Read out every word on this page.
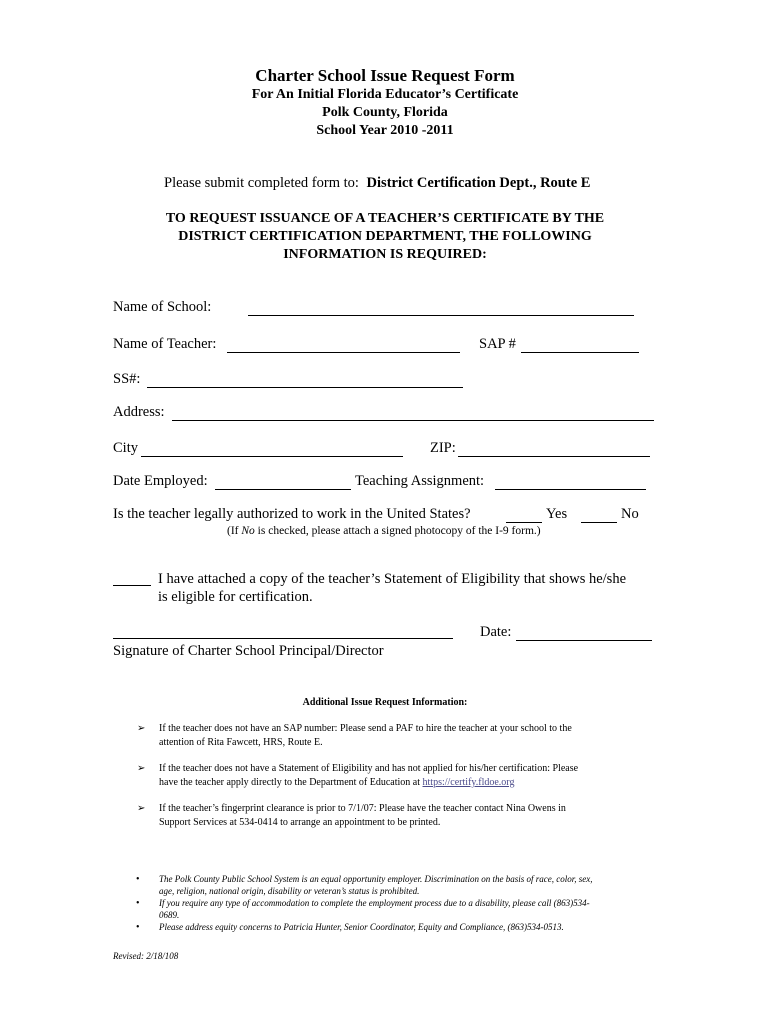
Charter School Issue Request Form
For An Initial Florida Educator’s Certificate
Polk County, Florida
School Year 2010 -2011
Please submit completed form to: District Certification Dept., Route E
TO REQUEST ISSUANCE OF A TEACHER’S CERTIFICATE BY THE
DISTRICT CERTIFICATION DEPARTMENT, THE FOLLOWING
INFORMATION IS REQUIRED:
Name of School:
Name of Teacher:	SAP #
SS#:
Address:
City	ZIP:
Date Employed:	Teaching Assignment:
Is the teacher legally authorized to work in the United States?	Yes	No
(If No is checked, please attach a signed photocopy of the I-9 form.)
I have attached a copy of the teacher’s Statement of Eligibility that shows he/she
is eligible for certification.
Date:
Signature of Charter School Principal/Director
Additional Issue Request Information:
➢ If the teacher does not have an SAP number: Please send a PAF to hire the teacher at your school to the
attention of Rita Fawcett, HRS, Route E.
➢ If the teacher does not have a Statement of Eligibility and has not applied for his/her certification: Please
have the teacher apply directly to the Department of Education at https://certify.fldoe.org
➢ If the teacher’s fingerprint clearance is prior to 7/1/07: Please have the teacher contact Nina Owens in
Support Services at 534-0414 to arrange an appointment to be printed.
• The Polk County Public School System is an equal opportunity employer. Discrimination on the basis of race, color, sex,
age, religion, national origin, disability or veteran’s status is prohibited.
• If you require any type of accommodation to complete the employment process due to a disability, please call (863)534-
0689.
• Please address equity concerns to Patricia Hunter, Senior Coordinator, Equity and Compliance, (863)534-0513.
Revised: 2/18/108
